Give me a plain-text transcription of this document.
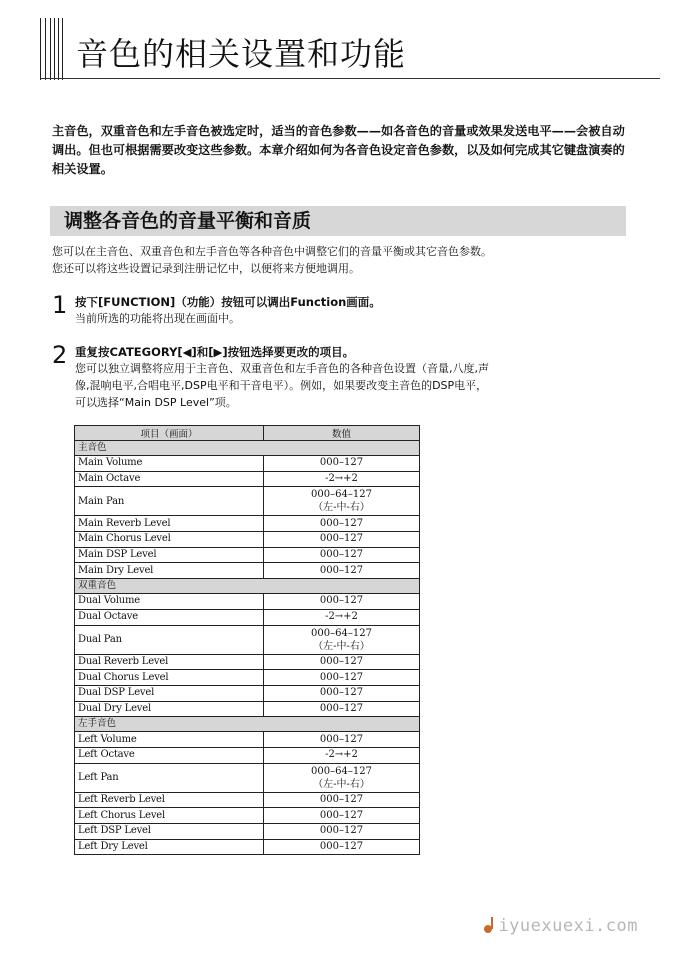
音色的相关设置和功能

主音色，双重音色和左手音色被选定时，适当的音色参数——如各音色的音量或效果发送电平——会被自动调出。但也可根据需要改变这些参数。本章介绍如何为各音色设定音色参数，以及如何完成其它键盘演奏的相关设置。

调整各音色的音量平衡和音质

您可以在主音色、双重音色和左手音色等各种音色中调整它们的音量平衡或其它音色参数。您还可以将这些设置记录到注册记忆中，以便将来方便地调用。

1 按下[FUNCTION]（功能）按钮可以调出Function画面。

当前所选的功能将出现在画面中。

2 重复按CATEGORY[◀]和[▶]按钮选择要更改的项目。

您可以独立调整将应用于主音色、双重音色和左手音色的各种音色设置（音量,八度,声像,混响电平,合唱电平,DSP电平和干音电平）。例如，如果要改变主音色的DSP电平，可以选择“Main DSP Level”项。

项目（画面）	数值
主音色	
Main Volume	000–127

Main Octave	-2→+2

Main Pan	000–64–127
（左-中-右）

Main Reverb Level	000–127

Main Chorus Level	000–127

Main DSP Level	000–127

Main Dry Level	000–127

双重音色	
Dual Volume	000–127

Dual Octave	-2→+2

Dual Pan	000–64–127
（左-中-右）

Dual Reverb Level	000–127

Dual Chorus Level	000–127

Dual DSP Level	000–127

Dual Dry Level	000–127

左手音色	
Left Volume	000–127

Left Octave	-2→+2

Left Pan	000–64–127
（左-中-右）

Left Reverb Level	000–127

Left Chorus Level	000–127

Left DSP Level	000–127

Left Dry Level	000–127
iyuexuexi.com
